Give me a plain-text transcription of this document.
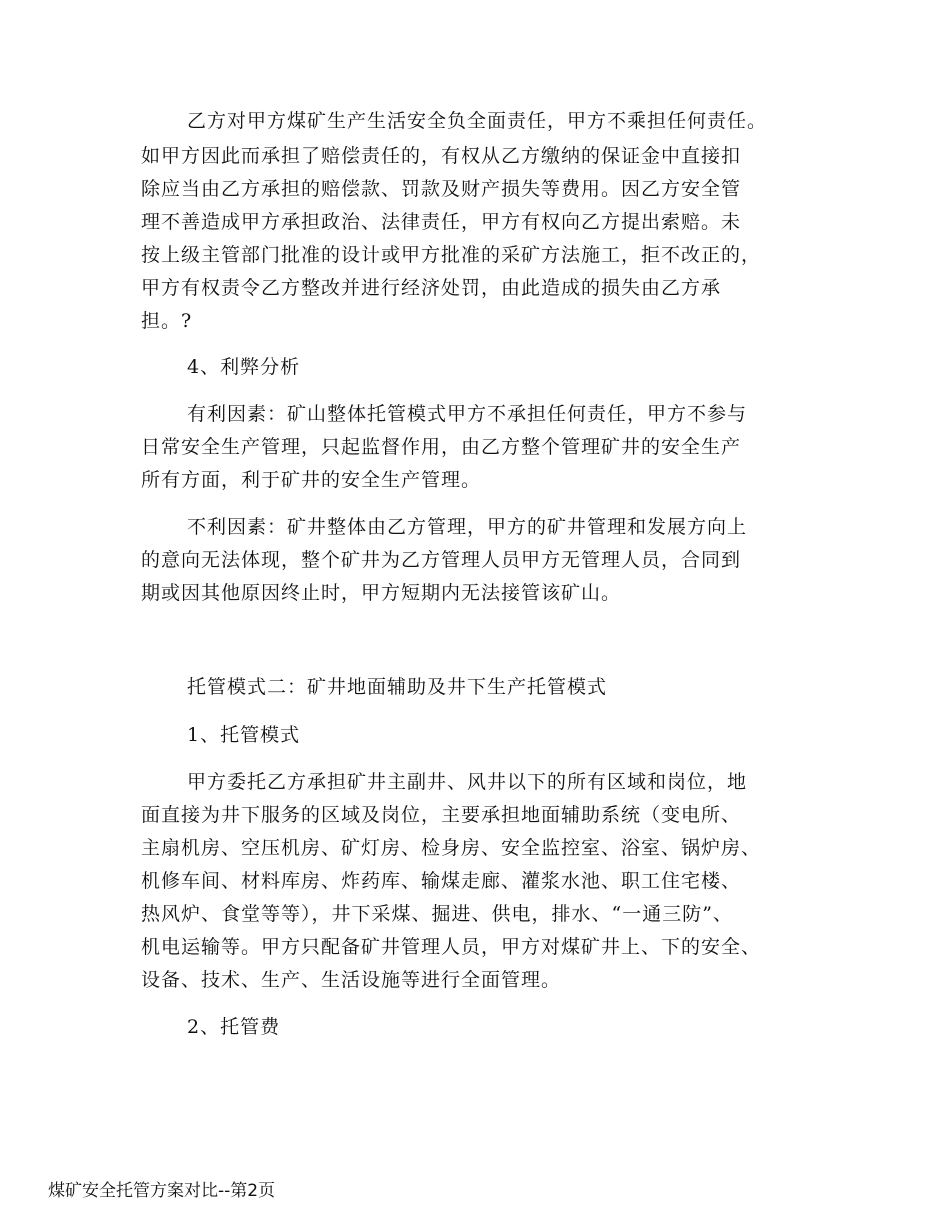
乙方对甲方煤矿生产生活安全负全面责任，甲方不乘担任何责任。
如甲方因此而承担了赔偿责任的，有权从乙方缴纳的保证金中直接扣
除应当由乙方承担的赔偿款、罚款及财产损失等费用。因乙方安全管
理不善造成甲方承担政治、法律责任，甲方有权向乙方提出索赔。未
按上级主管部门批准的设计或甲方批准的采矿方法施工，拒不改正的，
甲方有权责令乙方整改并进行经济处罚，由此造成的损失由乙方承
担。?
4、利弊分析
有利因素：矿山整体托管模式甲方不承担任何责任，甲方不参与
日常安全生产管理，只起监督作用，由乙方整个管理矿井的安全生产
所有方面，利于矿井的安全生产管理。
不利因素：矿井整体由乙方管理，甲方的矿井管理和发展方向上
的意向无法体现，整个矿井为乙方管理人员甲方无管理人员，合同到
期或因其他原因终止时，甲方短期内无法接管该矿山。
托管模式二：矿井地面辅助及井下生产托管模式
1、托管模式
甲方委托乙方承担矿井主副井、风井以下的所有区域和岗位，地
面直接为井下服务的区域及岗位，主要承担地面辅助系统（变电所、
主扇机房、空压机房、矿灯房、检身房、安全监控室、浴室、锅炉房、
机修车间、材料库房、炸药库、输煤走廊、灌浆水池、职工住宅楼、
热风炉、食堂等等），井下采煤、掘进、供电，排水、“一通三防”、
机电运输等。甲方只配备矿井管理人员，甲方对煤矿井上、下的安全、
设备、技术、生产、生活设施等进行全面管理。
2、托管费
煤矿安全托管方案对比--第2页
